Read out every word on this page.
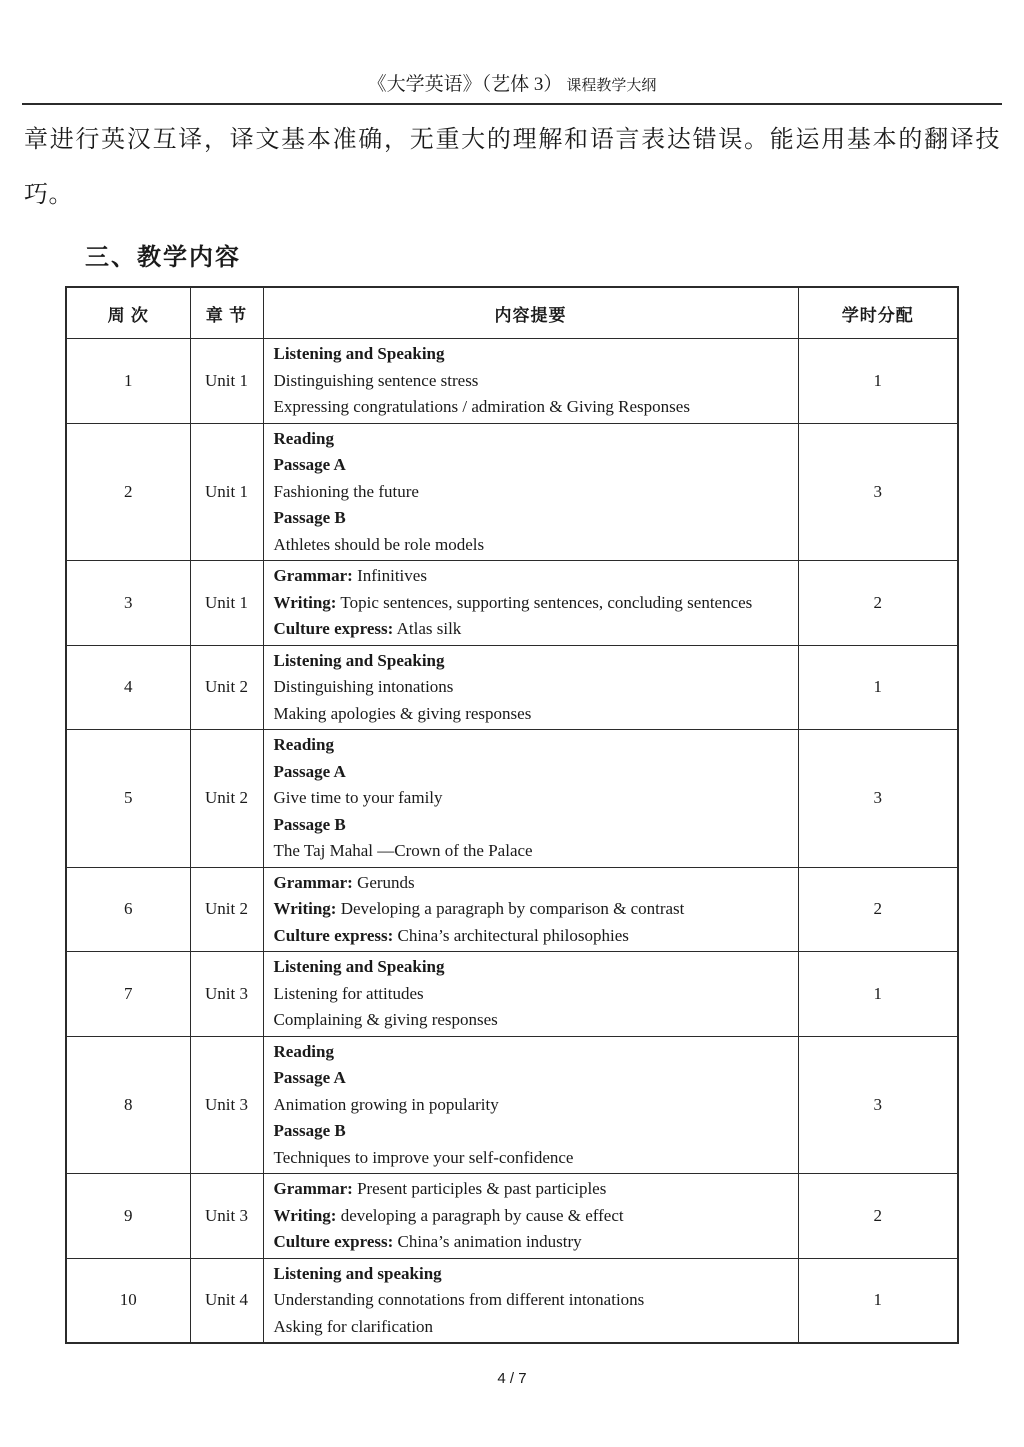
《大学英语》（艺体 3） 课程教学大纲
章进行英汉互译，译文基本准确，无重大的理解和语言表达错误。能运用基本的翻译技巧。
三、教学内容
周 次	章 节	内容提要	学时分配
1	Unit 1	Listening and Speaking
Distinguishing sentence stress
Expressing congratulations / admiration & Giving Responses	1
2	Unit 1	Reading
Passage A
Fashioning the future
Passage B
Athletes should be role models	3
3	Unit 1	Grammar: Infinitives
Writing: Topic sentences, supporting sentences, concluding sentences
Culture express: Atlas silk	2
4	Unit 2	Listening and Speaking
Distinguishing intonations
Making apologies & giving responses	1
5	Unit 2	Reading
Passage A
Give time to your family
Passage B
The Taj Mahal —Crown of the Palace	3
6	Unit 2	Grammar: Gerunds
Writing: Developing a paragraph by comparison & contrast
Culture express: China’s architectural philosophies	2
7	Unit 3	Listening and Speaking
Listening for attitudes
Complaining & giving responses	1
8	Unit 3	Reading
Passage A
Animation growing in popularity
Passage B
Techniques to improve your self-confidence	3
9	Unit 3	Grammar: Present participles & past participles
Writing: developing a paragraph by cause & effect
Culture express: China’s animation industry	2
10	Unit 4	Listening and speaking
Understanding connotations from different intonations
Asking for clarification	1
4 / 7
